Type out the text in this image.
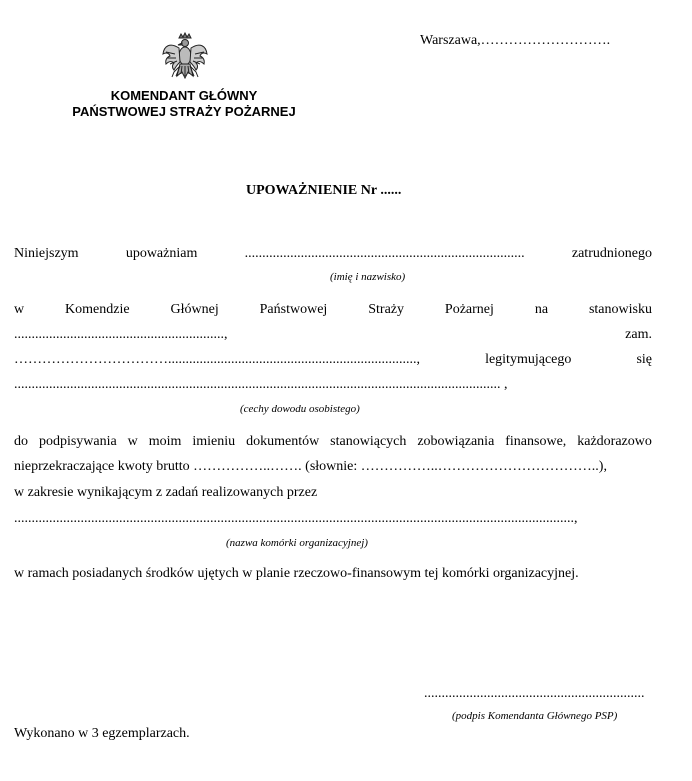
KOMENDANT GŁÓWNY
PAŃSTWOWEJ STRAŻY POŻARNEJ
Warszawa,……………………….
UPOWAŻNIENIE Nr ......
Niniejszym	upoważniam	................................................................................	zatrudnionego
(imię i nazwisko)
w	Komendzie	Głównej	Państwowej	Straży	Pożarnej	na	stanowisku
............................................................,	zam.
…………………………….......................................................................,	legitymującego	się
........................................................................................................................................... ,
(cechy dowodu osobistego)
do podpisywania w moim imieniu dokumentów stanowiących zobowiązania finansowe, każdorazowo
nieprzekraczające kwoty brutto ……………..……. (słownie: ……………..……………………………..),
w zakresie wynikającym z zadań realizowanych przez
................................................................................................................................................................,
(nazwa komórki organizacyjnej)
w ramach posiadanych środków ujętych w planie rzeczowo-finansowym tej komórki organizacyjnej.
...............................................................
(podpis Komendanta Głównego PSP)
Wykonano w 3 egzemplarzach.
